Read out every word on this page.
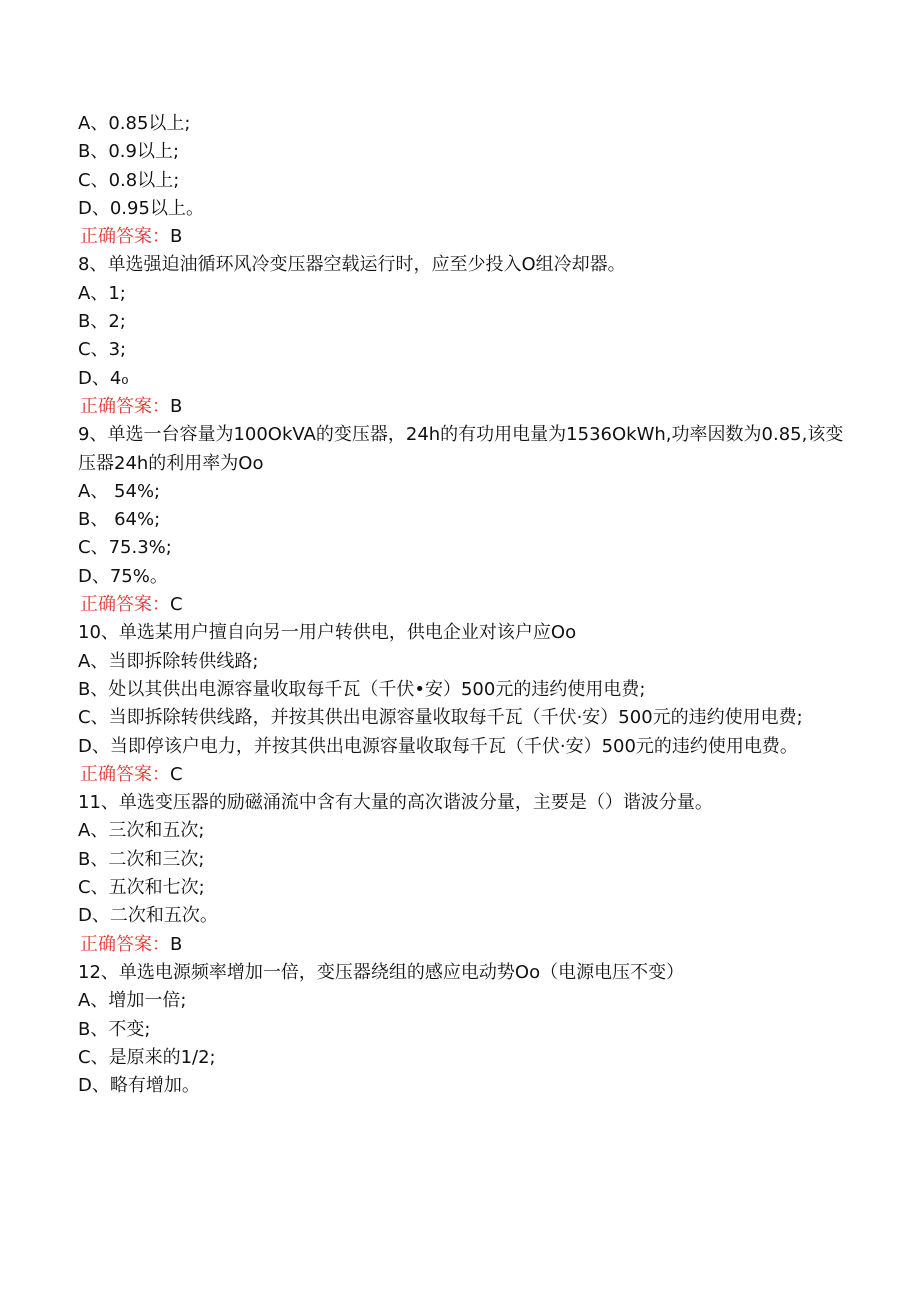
A、0.85以上;
B、0.9以上;
C、0.8以上;
D、0.95以上。
正确答案：B
8、单选强迫油循环风冷变压器空载运行时，应至少投入O组冷却器。
A、1;
B、2;
C、3;
D、4₀
正确答案：B
9、单选一台容量为100OkVA的变压器，24h的有功用电量为1536OkWh,功率因数为0.85,该变压器24h的利用率为Oo
A、 54%;
B、 64%;
C、75.3%;
D、75%。
正确答案：C
10、单选某用户擅自向另一用户转供电，供电企业对该户应Oo
A、当即拆除转供线路;
B、处以其供出电源容量收取每千瓦（千伏•安）500元的违约使用电费;
C、当即拆除转供线路，并按其供出电源容量收取每千瓦（千伏·安）500元的违约使用电费;
D、当即停该户电力，并按其供出电源容量收取每千瓦（千伏·安）500元的违约使用电费。
正确答案：C
11、单选变压器的励磁涌流中含有大量的高次谐波分量，主要是（）谐波分量。
A、三次和五次;
B、二次和三次;
C、五次和七次;
D、二次和五次。
正确答案：B
12、单选电源频率增加一倍，变压器绕组的感应电动势Oo（电源电压不变）
A、增加一倍;
B、不变;
C、是原来的1/2;
D、略有增加。
